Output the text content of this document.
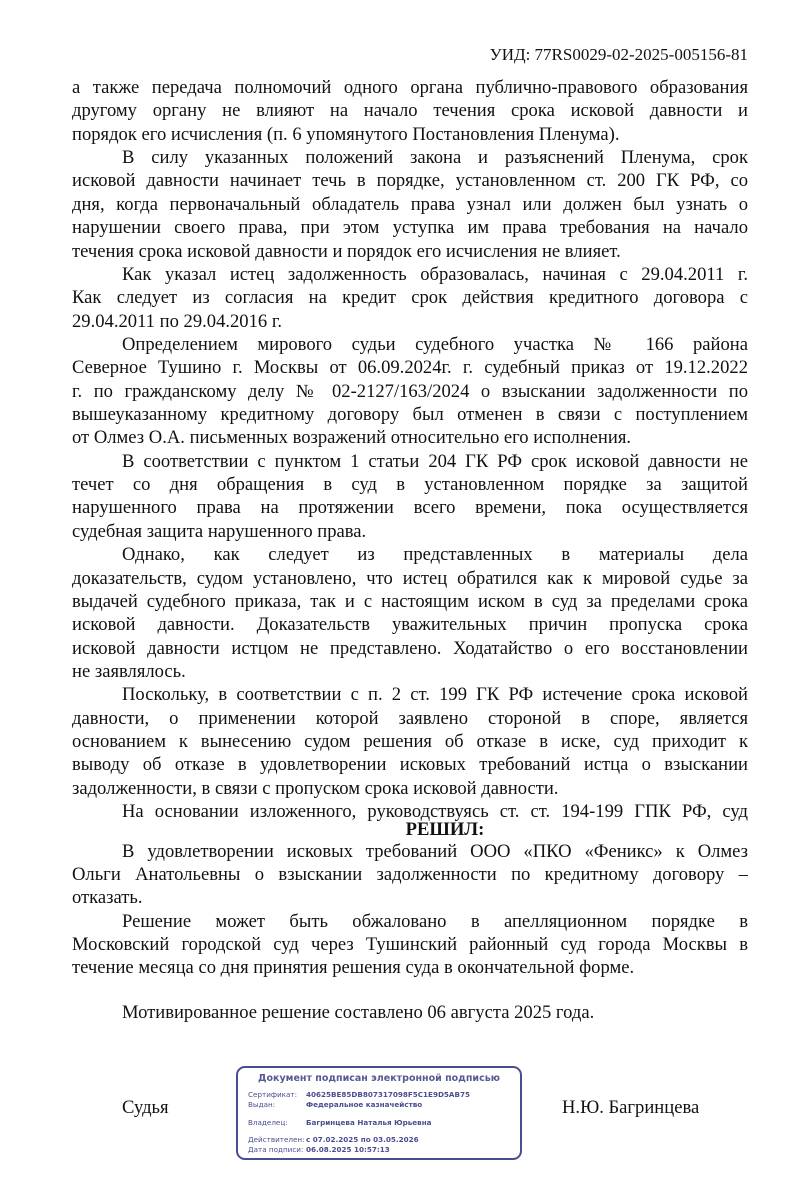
УИД: 77RS0029-02-2025-005156-81
а также передача полномочий одного органа публично-правового образования
другому органу не влияют на начало течения срока исковой давности и
порядок его исчисления (п. 6 упомянутого Постановления Пленума).
В силу указанных положений закона и разъяснений Пленума, срок
исковой давности начинает течь в порядке, установленном ст. 200 ГК РФ, со
дня, когда первоначальный обладатель права узнал или должен был узнать о
нарушении своего права, при этом уступка им права требования на начало
течения срока исковой давности и порядок его исчисления не влияет.
Как указал истец задолженность образовалась, начиная с 29.04.2011 г.
Как следует из согласия на кредит срок действия кредитного договора с
29.04.2011 по 29.04.2016 г.
Определением мирового судьи судебного участка № 166 района
Северное Тушино г. Москвы от 06.09.2024г. г. судебный приказ от 19.12.2022
г. по гражданскому делу № 02-2127/163/2024 о взыскании задолженности по
вышеуказанному кредитному договору был отменен в связи с поступлением
от Олмез О.А. письменных возражений относительно его исполнения.
В соответствии с пунктом 1 статьи 204 ГК РФ срок исковой давности не
течет со дня обращения в суд в установленном порядке за защитой
нарушенного права на протяжении всего времени, пока осуществляется
судебная защита нарушенного права.
Однако, как следует из представленных в материалы дела
доказательств, судом установлено, что истец обратился как к мировой судье за
выдачей судебного приказа, так и с настоящим иском в суд за пределами срока
исковой давности. Доказательств уважительных причин пропуска срока
исковой давности истцом не представлено. Ходатайство о его восстановлении
не заявлялось.
Поскольку, в соответствии с п. 2 ст. 199 ГК РФ истечение срока исковой
давности, о применении которой заявлено стороной в споре, является
основанием к вынесению судом решения об отказе в иске, суд приходит к
выводу об отказе в удовлетворении исковых требований истца о взыскании
задолженности, в связи с пропуском срока исковой давности.
На основании изложенного, руководствуясь ст. ст. 194-199 ГПК РФ, суд
РЕШИЛ:
В удовлетворении исковых требований ООО «ПКО «Феникс» к Олмез
Ольги Анатольевны о взыскании задолженности по кредитному договору –
отказать.
Решение может быть обжаловано в апелляционном порядке в
Московский городской суд через Тушинский районный суд города Москвы в
течение месяца со дня принятия решения суда в окончательной форме.
Мотивированное решение составлено 06 августа 2025 года.
Судья	Н.Ю. Багринцева
Документ подписан электронной подписью
Сертификат:	40625BE85DB807317098F5C1E9D5AB75
Выдан:	Федеральное казначейство
Владелец:	Багринцева Наталья Юрьевна
Действителен: с 07.02.2025 по 03.05.2026
Дата подписи: 06.08.2025 10:57:13
